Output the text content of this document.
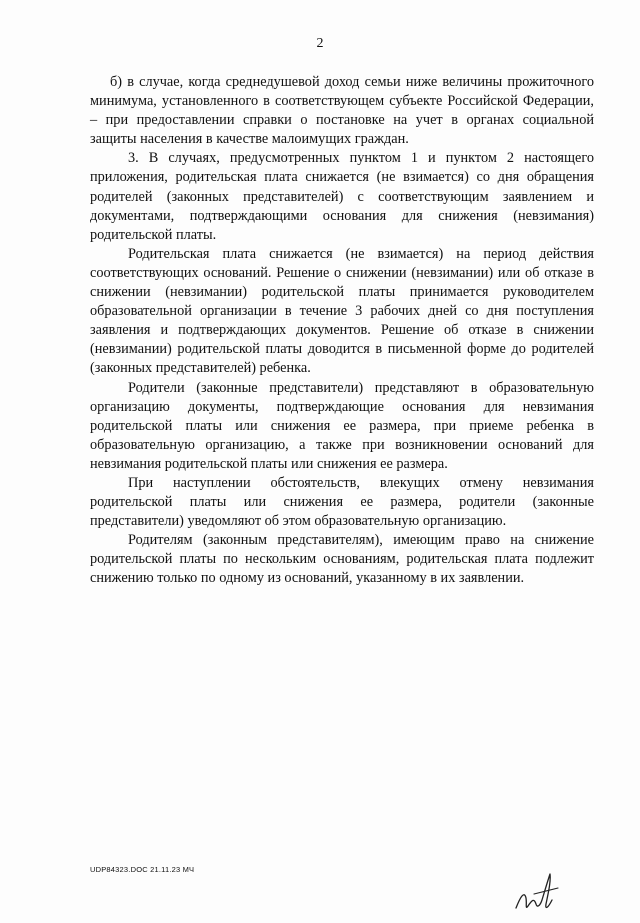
2

б) в случае, когда среднедушевой доход семьи ниже величины прожиточного минимума, установленного в соответствующем субъекте Российской Федерации, – при предоставлении справки о постановке на учет в органах социальной защиты населения в качестве малоимущих граждан.

3. В случаях, предусмотренных пунктом 1 и пунктом 2 настоящего приложения, родительская плата снижается (не взимается) со дня обращения родителей (законных представителей) с соответствующим заявлением и документами, подтверждающими основания для снижения (невзимания) родительской платы.

Родительская плата снижается (не взимается) на период действия соответствующих оснований. Решение о снижении (невзимании) или об отказе в снижении (невзимании) родительской платы принимается руководителем образовательной организации в течение 3 рабочих дней со дня поступления заявления и подтверждающих документов. Решение об отказе в снижении (невзимании) родительской платы доводится в письменной форме до родителей (законных представителей) ребенка.

Родители (законные представители) представляют в образовательную организацию документы, подтверждающие основания для невзимания родительской платы или снижения ее размера, при приеме ребенка в образовательную организацию, а также при возникновении оснований для невзимания родительской платы или снижения ее размера.

При наступлении обстоятельств, влекущих отмену невзимания родительской платы или снижения ее размера, родители (законные представители) уведомляют об этом образовательную организацию.

Родителям (законным представителям), имеющим право на снижение родительской платы по нескольким основаниям, родительская плата подлежит снижению только по одному из оснований, указанному в их заявлении.

UDP84323.DOC 21.11.23 МЧ
